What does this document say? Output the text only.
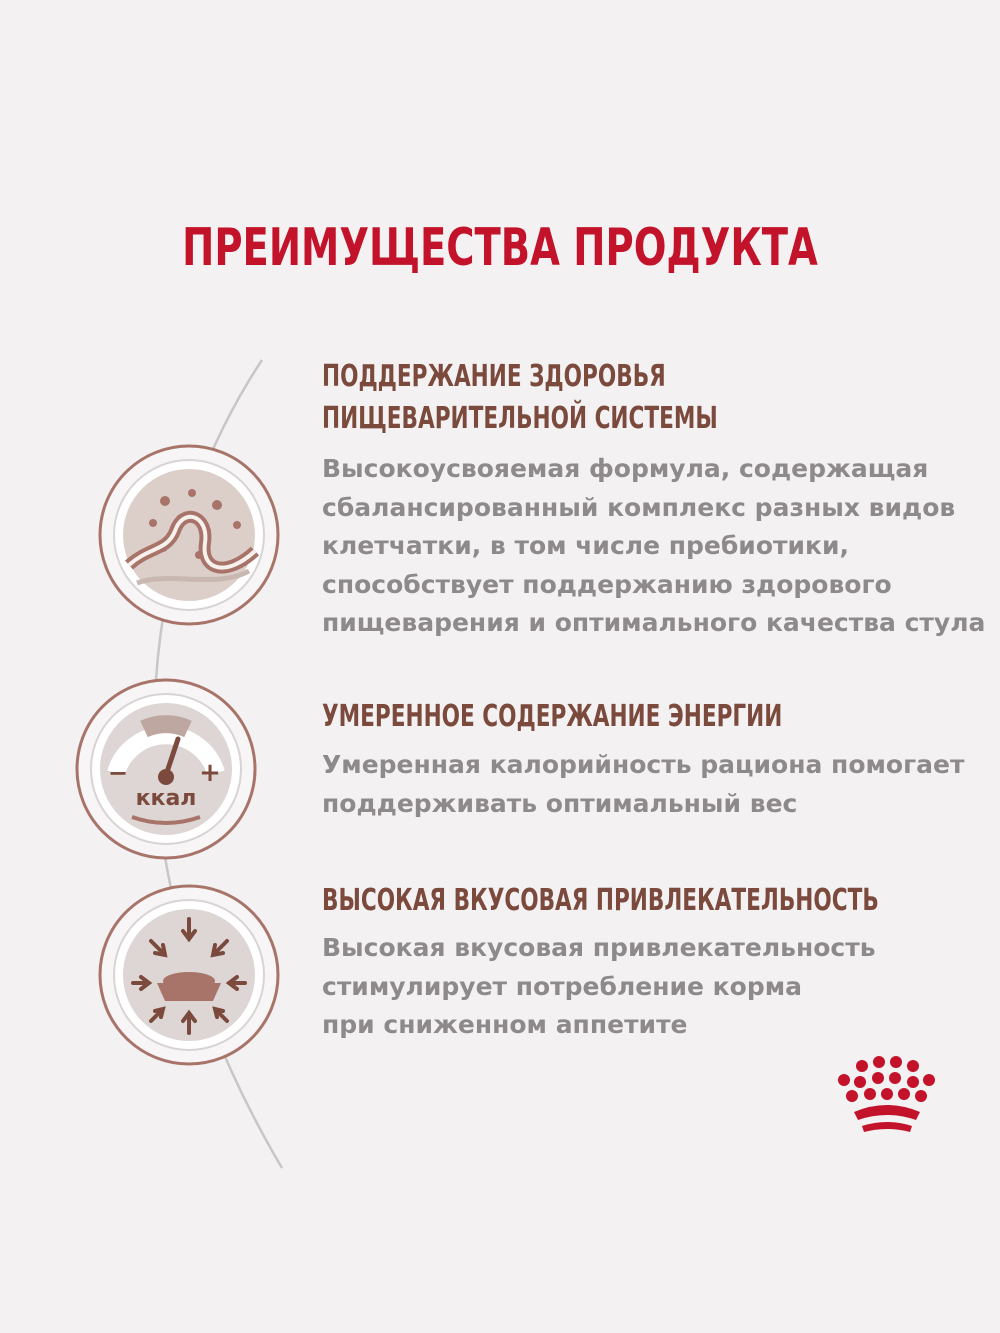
ПРЕИМУЩЕСТВА ПРОДУКТА
−	+
ккал
ПОДДЕРЖАНИЕ ЗДОРОВЬЯ
ПИЩЕВАРИТЕЛЬНОЙ СИСТЕМЫ

Высокоусвояемая формула, содержащая
сбалансированный комплекс разных видов
клетчатки, в том числе пребиотики,
способствует поддержанию здорового
пищеварения и оптимального качества стула

УМЕРЕННОЕ СОДЕРЖАНИЕ ЭНЕРГИИ

Умеренная калорийность рациона помогает
поддерживать оптимальный вес

ВЫСОКАЯ ВКУСОВАЯ ПРИВЛЕКАТЕЛЬНОСТЬ

Высокая вкусовая привлекательность
стимулирует потребление корма
при сниженном аппетите
